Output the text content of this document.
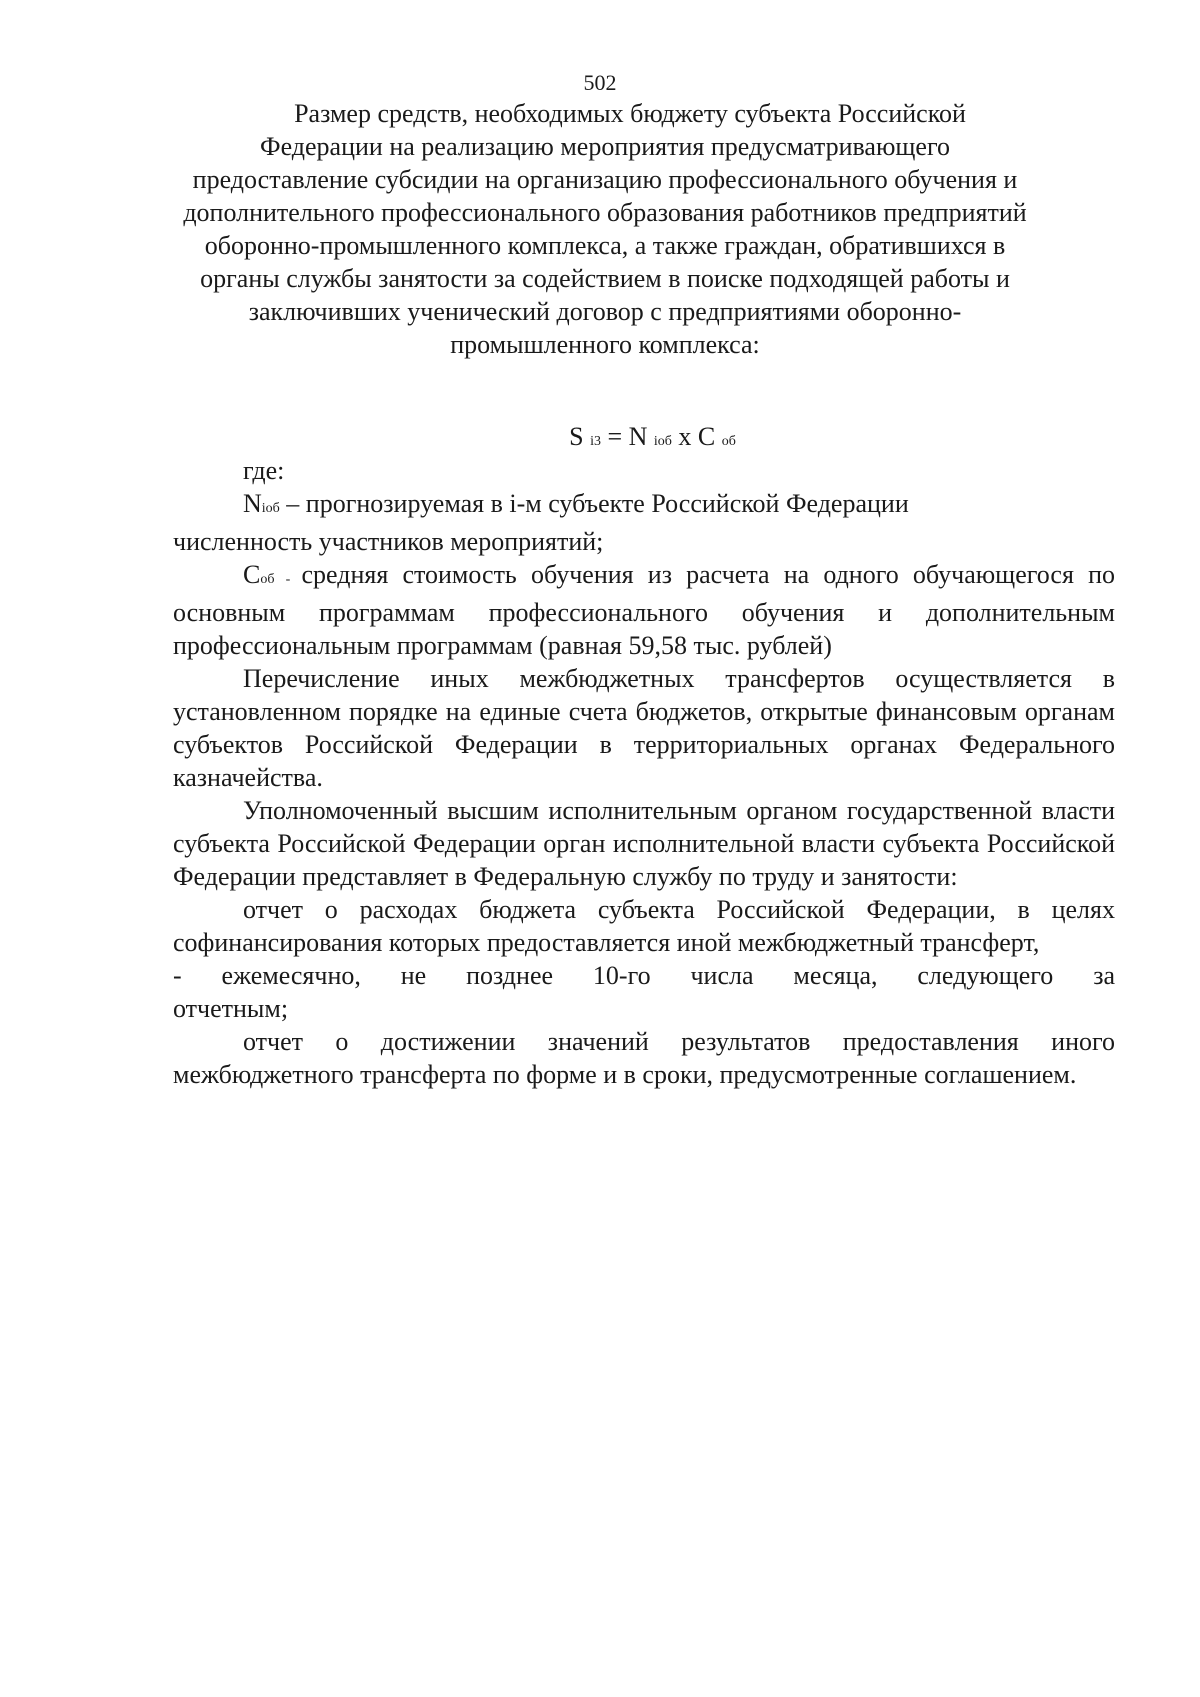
502
Размер средств, необходимых бюджету субъекта Российской
Федерации на реализацию мероприятия предусматривающего
предоставление субсидии на организацию профессионального обучения и
дополнительного профессионального образования работников предприятий
оборонно-промышленного комплекса, а также граждан, обратившихся в
органы службы занятости за содействием в поиске подходящей работы и
заключивших ученический договор с предприятиями оборонно-
промышленного комплекса:
S i3 = N iоб x C об
где:
Niоб – прогнозируемая в i-м субъекте Российской Федерации
численность участников мероприятий;
Cоб - средняя стоимость обучения из расчета на одного обучающегося по основным программам профессионального обучения и дополнительным профессиональным программам (равная 59,58 тыс. рублей)
Перечисление иных межбюджетных трансфертов осуществляется в установленном порядке на единые счета бюджетов, открытые финансовым органам субъектов Российской Федерации в территориальных органах Федерального казначейства.
Уполномоченный высшим исполнительным органом государственной власти субъекта Российской Федерации орган исполнительной власти субъекта Российской Федерации представляет в Федеральную службу по труду и занятости:
отчет о расходах бюджета субъекта Российской Федерации, в целях софинансирования которых предоставляется иной межбюджетный трансферт,
- ежемесячно, не позднее 10-го числа месяца, следующего за
отчетным;
отчет о достижении значений результатов предоставления иного межбюджетного трансферта по форме и в сроки, предусмотренные соглашением.
